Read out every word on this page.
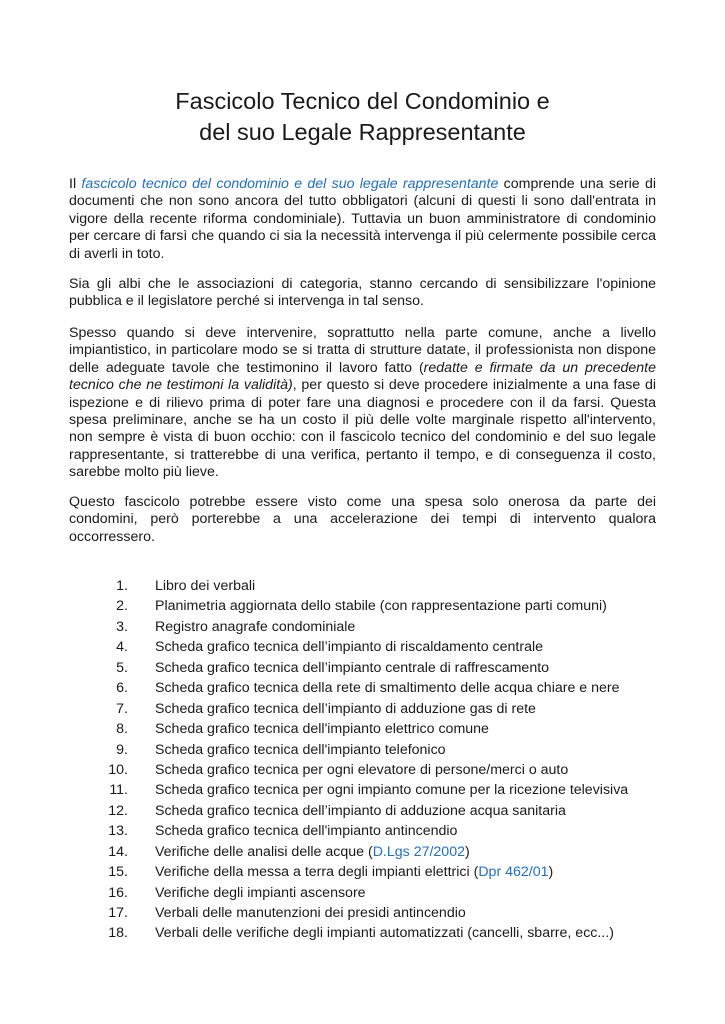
Fascicolo Tecnico del Condominio e
del suo Legale Rappresentante

Il fascicolo tecnico del condominio e del suo legale rappresentante comprende una serie di documenti che non sono ancora del tutto obbligatori (alcuni di questi li sono dall'entrata in vigore della recente riforma condominiale). Tuttavia un buon amministratore di condominio per cercare di farsì che quando ci sia la necessità intervenga il più celermente possibile cerca di averli in toto.

Sia gli albi che le associazioni di categoria, stanno cercando di sensibilizzare l'opinione pubblica e il legislatore perché si intervenga in tal senso.

Spesso quando si deve intervenire, soprattutto nella parte comune, anche a livello impiantistico, in particolare modo se si tratta di strutture datate, il professionista non dispone delle adeguate tavole che testimonino il lavoro fatto (redatte e firmate da un precedente tecnico che ne testimoni la validità), per questo si deve procedere inizialmente a una fase di ispezione e di rilievo prima di poter fare una diagnosi e procedere con il da farsi. Questa spesa preliminare, anche se ha un costo il più delle volte marginale rispetto all'intervento, non sempre è vista di buon occhio: con il fascicolo tecnico del condominio e del suo legale rappresentante, si tratterebbe di una verifica, pertanto il tempo, e di conseguenza il costo, sarebbe molto più lieve.

Questo fascicolo potrebbe essere visto come una spesa solo onerosa da parte dei condomini, però porterebbe a una accelerazione dei tempi di intervento qualora occorressero.

1. Libro dei verbali
2. Planimetria aggiornata dello stabile (con rappresentazione parti comuni)
3. Registro anagrafe condominiale
4. Scheda grafico tecnica dell’impianto di riscaldamento centrale
5. Scheda grafico tecnica dell’impianto centrale di raffrescamento
6. Scheda grafico tecnica della rete di smaltimento delle acqua chiare e nere
7. Scheda grafico tecnica dell’impianto di adduzione gas di rete
8. Scheda grafico tecnica dell'impianto elettrico comune
9. Scheda grafico tecnica dell'impianto telefonico
10. Scheda grafico tecnica per ogni elevatore di persone/merci o auto
11. Scheda grafico tecnica per ogni impianto comune per la ricezione televisiva
12. Scheda grafico tecnica dell’impianto di adduzione acqua sanitaria
13. Scheda grafico tecnica dell'impianto antincendio
14. Verifiche delle analisi delle acque (D.Lgs 27/2002)
15. Verifiche della messa a terra degli impianti elettrici (Dpr 462/01)
16. Verifiche degli impianti ascensore
17. Verbali delle manutenzioni dei presidi antincendio
18. Verbali delle verifiche degli impianti automatizzati (cancelli, sbarre, ecc...)
